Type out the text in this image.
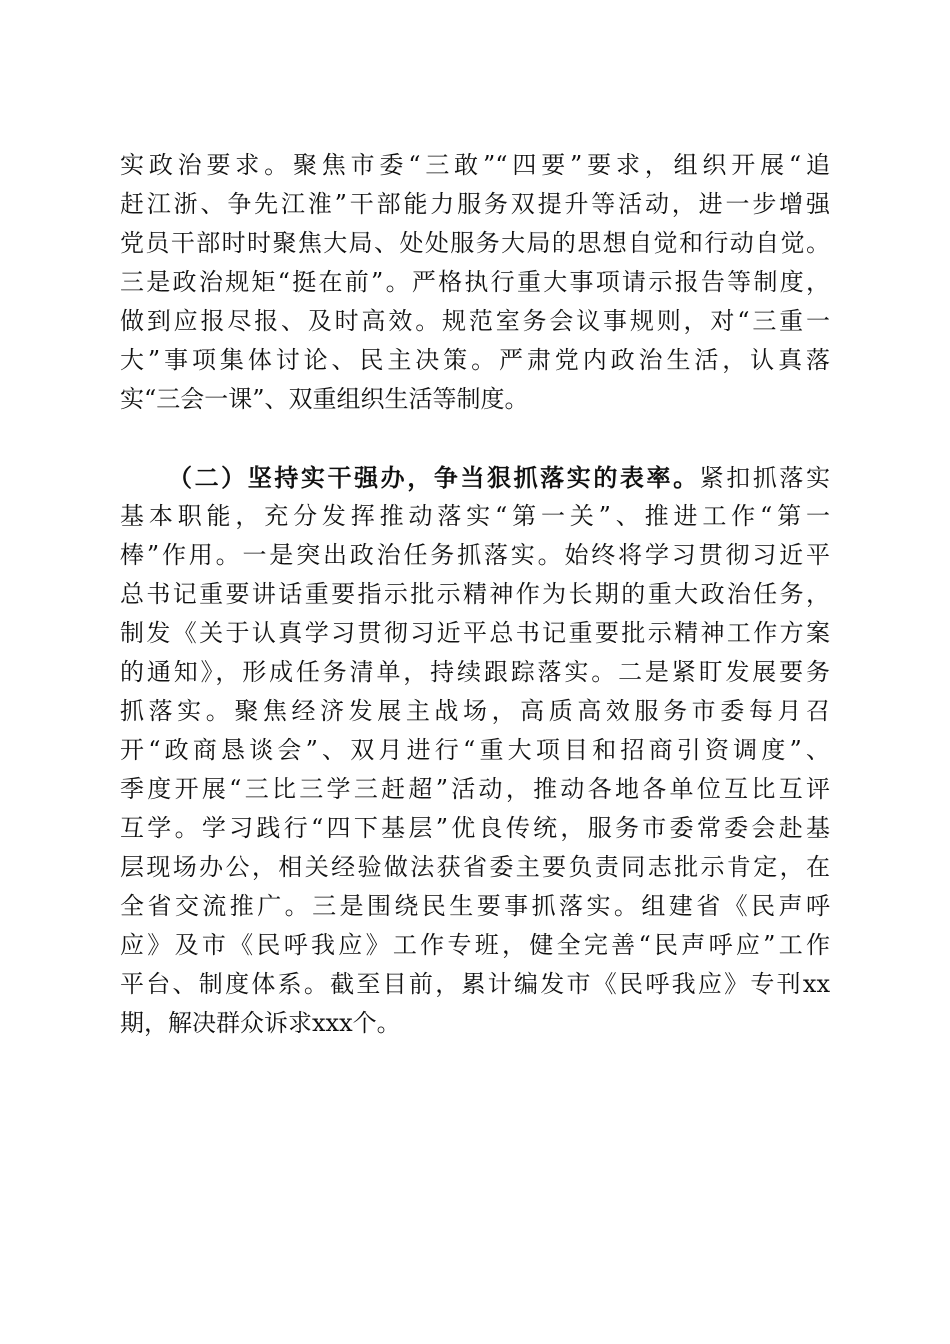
实政治要求。聚焦市委“三敢”“四要”要求，组织开展“追
赶江浙、争先江淮”干部能力服务双提升等活动，进一步增强
党员干部时时聚焦大局、处处服务大局的思想自觉和行动自觉。
三是政治规矩“挺在前”。严格执行重大事项请示报告等制度，
做到应报尽报、及时高效。规范室务会议事规则，对“三重一
大”事项集体讨论、民主决策。严肃党内政治生活，认真落
实“三会一课”、双重组织生活等制度。
（二）坚持实干强办，争当狠抓落实的表率。紧扣抓落实
基本职能，充分发挥推动落实“第一关”、推进工作“第一
棒”作用。一是突出政治任务抓落实。始终将学习贯彻习近平
总书记重要讲话重要指示批示精神作为长期的重大政治任务，
制发《关于认真学习贯彻习近平总书记重要批示精神工作方案
的通知》，形成任务清单，持续跟踪落实。二是紧盯发展要务
抓落实。聚焦经济发展主战场，高质高效服务市委每月召
开“政商恳谈会”、双月进行“重大项目和招商引资调度”、
季度开展“三比三学三赶超”活动，推动各地各单位互比互评
互学。学习践行“四下基层”优良传统，服务市委常委会赴基
层现场办公，相关经验做法获省委主要负责同志批示肯定，在
全省交流推广。三是围绕民生要事抓落实。组建省《民声呼
应》及市《民呼我应》工作专班，健全完善“民声呼应”工作
平台、制度体系。截至目前，累计编发市《民呼我应》专刊xx
期，解决群众诉求xxx个。
